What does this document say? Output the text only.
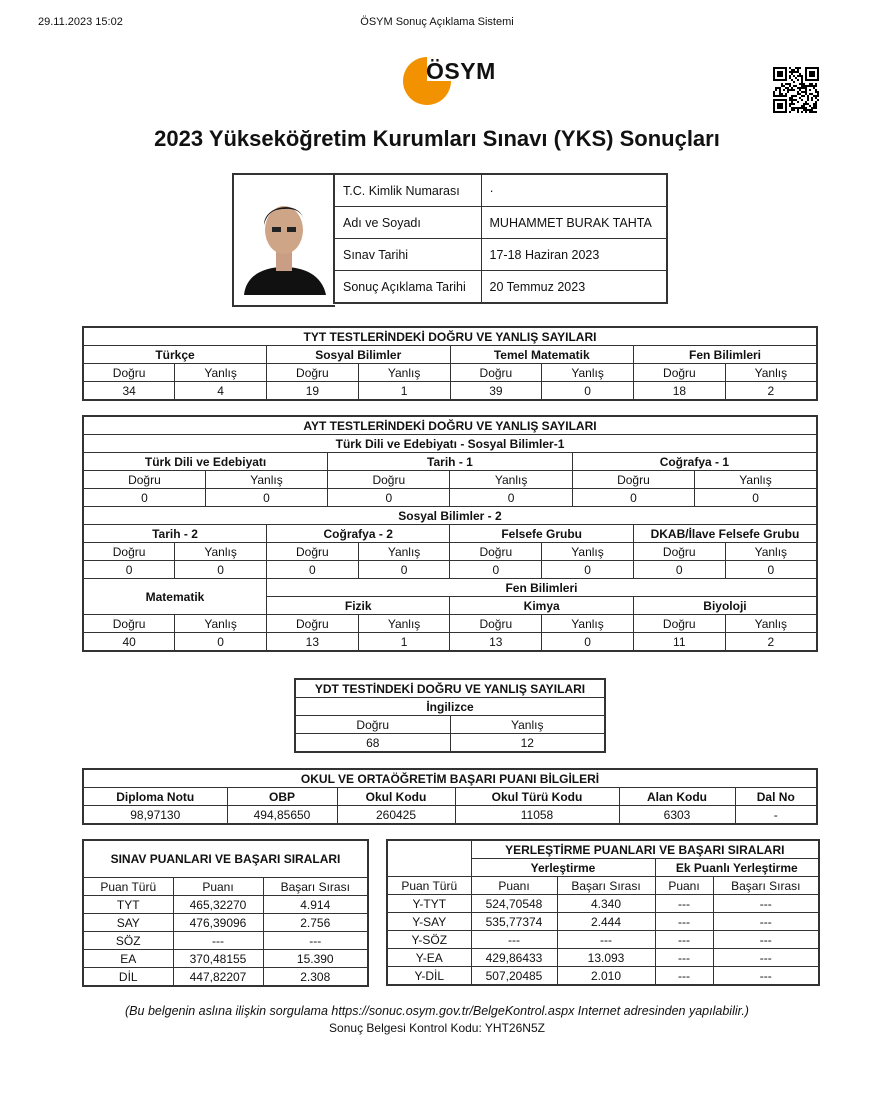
29.11.2023 15:02	ÖSYM Sonuç Açıklama Sistemi
ÖSYM
2023 Yükseköğretim Kurumları Sınavı (YKS) Sonuçları
T.C. Kimlik Numarası	·
Adı ve Soyadı	MUHAMMET BURAK TAHTA
Sınav Tarihi	17-18 Haziran 2023
Sonuç Açıklama Tarihi	20 Temmuz 2023
TYT TESTLERİNDEKİ DOĞRU VE YANLIŞ SAYILARI							
Türkçe		Sosyal Bilimler		Temel Matematik		Fen Bilimleri	
Doğru	Yanlış	Doğru	Yanlış	Doğru	Yanlış	Doğru	Yanlış
34	4	19	1	39	0	18	2
AYT TESTLERİNDEKİ DOĞRU VE YANLIŞ SAYILARI											
Türk Dili ve Edebiyatı - Sosyal Bilimler-1											
Türk Dili ve Edebiyatı				Tarih - 1				Coğrafya - 1			
Doğru		Yanlış		Doğru		Yanlış		Doğru		Yanlış	
0		0		0		0		0		0	
Sosyal Bilimler - 2											
Tarih - 2			Coğrafya - 2			Felsefe Grubu			DKAB/İlave Felsefe Grubu		
Doğru	Yanlış		Doğru		Yanlış	Doğru	Yanlış		Doğru		Yanlış
0	0		0		0	0	0		0		0
Matematik			Fen Bilimleri								
			Fizik			Kimya			Biyoloji		
Doğru	Yanlış		Doğru		Yanlış	Doğru	Yanlış		Doğru		Yanlış
40	0		13		1	13	0		11		2
YDT TESTİNDEKİ DOĞRU VE YANLIŞ SAYILARI	
İngilizce	
Doğru	Yanlış
68	12
OKUL VE ORTAÖĞRETİM BAŞARI PUANI BİLGİLERİ					
Diploma Notu	OBP	Okul Kodu	Okul Türü Kodu	Alan Kodu	Dal No
98,97130	494,85650	260425	11058	6303	-
SINAV PUANLARI VE BAŞARI SIRALARI		
Puan Türü	Puanı	Başarı Sırası
TYT	465,32270	4.914
SAY	476,39096	2.756
SÖZ	---	---
EA	370,48155	15.390
DİL	447,82207	2.308
	YERLEŞTİRME PUANLARI VE BAŞARI SIRALARI			
	Yerleştirme		Ek Puanlı Yerleştirme	
Puan Türü	Puanı	Başarı Sırası	Puanı	Başarı Sırası
Y-TYT	524,70548	4.340	---	---
Y-SAY	535,77374	2.444	---	---
Y-SÖZ	---	---	---	---
Y-EA	429,86433	13.093	---	---
Y-DİL	507,20485	2.010	---	---
(Bu belgenin aslına ilişkin sorgulama https://sonuc.osym.gov.tr/BelgeKontrol.aspx Internet adresinden yapılabilir.)
Sonuç Belgesi Kontrol Kodu: YHT26N5Z
